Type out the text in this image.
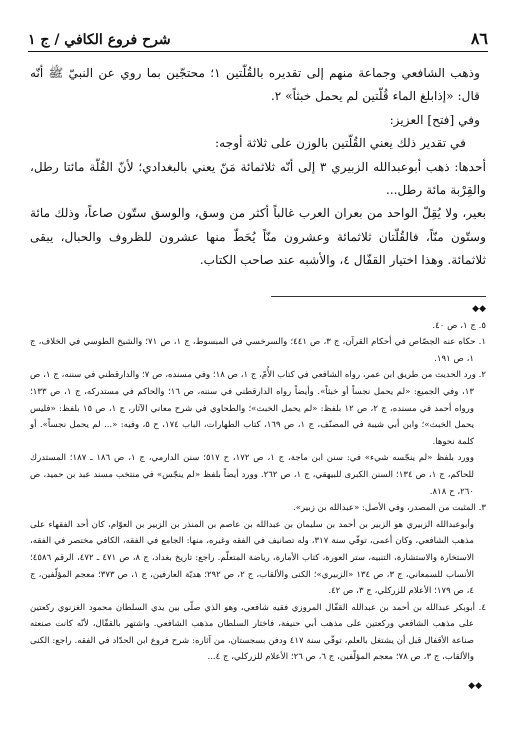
٨٦
شرح فروع الكافي / ج ١

وذهب الشافعي وجماعة منهم إلى تقديره بالقُلّتين ١؛ محتجّين بما روي عن النبيّ ﷺ أنّه قال: «إذابلغ الماء قُلّتين لم يحمل خبثاً» ٢.

وفي [فتح] العزيز:

في تقدير ذلك يعني القُلّتين بالوزن على ثلاثة أوجه:

أحدها: ذهب أبوعبدالله الزبيري ٣ إلى أنّه ثلاثمائة مَنّ يعني بالبغدادي؛ لأنّ القُلّة مائتا رطل، والقِرْبة مائة رطل...

بعير، ولا يُقِلّ الواحد من بعران العرب غالباً أكثر من وسق، والوسق ستّون صاعاً، وذلك مائة وستّون منّاً، فالقُلّتان ثلاثمائة وعشرون منّاً يُحَطّ منها عشرون للظروف والحبال، يبقى ثلاثمائة. وهذا اختيار القفّال ٤، والأشبه عند صاحب الكتاب.

◆◆

٥. ج ١، ص ٤٠.

١. حكاه عنه الجصّاص في أحكام القرآن، ج ٣، ص ٤٤١؛ والسرخسي في المبسوط، ج ١، ص ٧١؛ والشيخ الطوسي في الخلاف، ج ١، ص ١٩١.

٢. ورد الحديث من طريق ابن عمر، رواه الشافعي في كتاب الأُمّ، ج ١، ص ١٨؛ وفي مسنده، ص ٧؛ والدارقطني في سننه، ج ١، ص ١٣، وفي الجميع: «لم يحمل نجساً أو خبثاً». وأيضاً رواه الدارقطني في سننه، ص ١٦؛ والحاكم في مستدركه، ج ١، ص ١٣٣؛ ورواه أحمد في مسنده، ج ٢، ص ١٢ بلفظ: «لم يحمل الخبث»؛ والطحاوي في شرح معاني الآثار، ج ١، ص ١٥ بلفظ: «فليس يحمل الخبث»؛ وابن أبي شيبة في المصنّف، ج ١، ص ١٦٩، كتاب الطهارات، الباب ١٧٤، ح ٥، وفيه: «... لم يحمل نجساً». أو كلمة نحوها.

وورد بلفظ «لم ينجّسه شيء» في: سنن ابن ماجة، ج ١، ص ١٧٢، ح ٥١٧؛ سنن الدارمي، ج ١، ص ١٨٦ ـ ١٨٧؛ المستدرك للحاكم، ج ١، ص ١٣٤؛ السنن الكبرى للبيهقي، ج ١، ص ٢٦٢. وورد أيضاً بلفظ «لم ينجّس» في منتخب مسند عبد بن حميد، ص ٢٦٠، ح ٨١٨.

٣. المثبت من المصدر، وفي الأصل: «عبدالله بن زبير».

وأبوعبدالله الزبيري هو الزبير بن أحمد بن سليمان بن عبدالله بن عاصم بن المنذر بن الزبير بن العوّام، كان أحد الفقهاء على مذهب الشافعي، وكان أعمى، توفّي سنة ٣١٧، وله تصانيف في الفقه وغيره، منها: الجامع في الفقه، الكافي مختصر في الفقه، الاستخارة والاستشارة، التنبيه، ستر العورة، كتاب الأمارة، رياضة المتعلّم. راجع: تاريخ بغداد، ج ٨، ص ٤٧١ ـ ٤٧٢، الرقم ٤٥٨٦؛ الأنساب للسمعاني، ج ٣، ص ١٣٤ «الزبيري»؛ الكنى والألقاب، ج ٢، ص ٢٩٢؛ هديّة العارفين، ج ١، ص ٣٧٣؛ معجم المؤلّفين، ج ٤، ص ١٧٩؛ الأعلام للزركلي، ج ٣، ص ٤٢.

٤. أبوبكر عبدالله بن أحمد بن عبدالله القفّال المروزي فقيه شافعي، وهو الذي صلّى بين يدي السلطان محمود الغزنوي ركعتين على مذهب الشافعي وركعتين على مذهب أبي حنيفة، فاختار السلطان مذهب الشافعي. واشتهر بالقفّال، لأنّه كانت صنعته صناعة الأقفال قبل أن يشتغل بالعلم، توفّي سنة ٤١٧ ودفن بسجستان، من آثاره: شرح فروع ابن الحدّاد في الفقه. راجع: الكنى والألقاب، ج ٣، ص ٧٨؛ معجم المؤلّفين، ج ٦، ص ٢٦؛ الأعلام للزركلي، ج ٤...

◆◆
